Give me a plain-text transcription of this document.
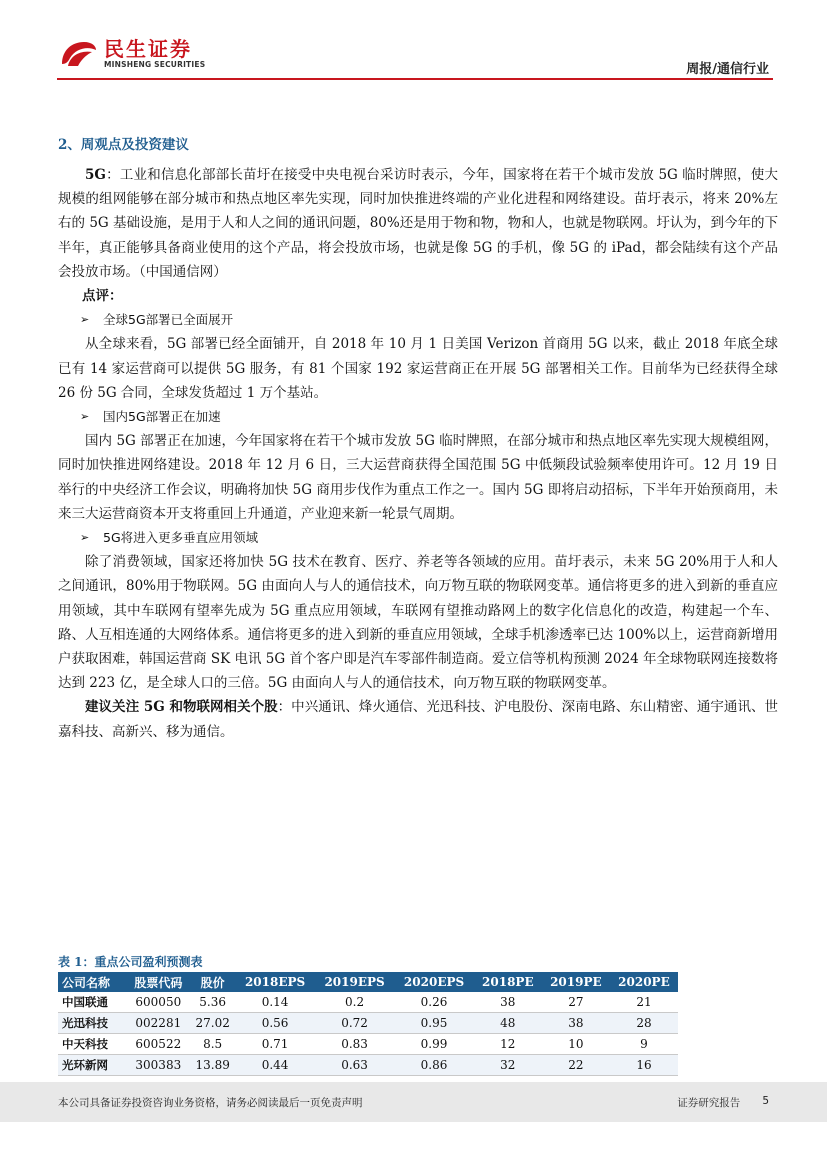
民生证券
MINSHENG SECURITIES	周报/通信行业
2、周观点及投资建议

5G：工业和信息化部部长苗圩在接受中央电视台采访时表示，今年，国家将在若干个城市发放 5G 临时牌照，使大规模的组网能够在部分城市和热点地区率先实现，同时加快推进终端的产业化进程和网络建设。苗圩表示，将来 20%左右的 5G 基础设施，是用于人和人之间的通讯问题，80%还是用于物和物，物和人，也就是物联网。圩认为，到今年的下半年，真正能够具备商业使用的这个产品，将会投放市场，也就是像 5G 的手机，像 5G 的 iPad，都会陆续有这个产品会投放市场。（中国通信网）

点评：
➢ 全球5G部署已全面展开

从全球来看，5G 部署已经全面铺开，自 2018 年 10 月 1 日美国 Verizon 首商用 5G 以来，截止 2018 年底全球已有 14 家运营商可以提供 5G 服务，有 81 个国家 192 家运营商正在开展 5G 部署相关工作。目前华为已经获得全球 26 份 5G 合同，全球发货超过 1 万个基站。

➢ 国内5G部署正在加速

国内 5G 部署正在加速，今年国家将在若干个城市发放 5G 临时牌照，在部分城市和热点地区率先实现大规模组网，同时加快推进网络建设。2018 年 12 月 6 日，三大运营商获得全国范围 5G 中低频段试验频率使用许可。12 月 19 日举行的中央经济工作会议，明确将加快 5G 商用步伐作为重点工作之一。国内 5G 即将启动招标，下半年开始预商用，未来三大运营商资本开支将重回上升通道，产业迎来新一轮景气周期。

➢ 5G将进入更多垂直应用领域

除了消费领域，国家还将加快 5G 技术在教育、医疗、养老等各领域的应用。苗圩表示，未来 5G 20%用于人和人之间通讯，80%用于物联网。5G 由面向人与人的通信技术，向万物互联的物联网变革。通信将更多的进入到新的垂直应用领域，其中车联网有望率先成为 5G 重点应用领域，车联网有望推动路网上的数字化信息化的改造，构建起一个车、路、人互相连通的大网络体系。通信将更多的进入到新的垂直应用领域，全球手机渗透率已达 100%以上，运营商新增用户获取困难，韩国运营商 SK 电讯 5G 首个客户即是汽车零部件制造商。爱立信等机构预测 2024 年全球物联网连接数将达到 223 亿，是全球人口的三倍。5G 由面向人与人的通信技术，向万物互联的物联网变革。

建议关注 5G 和物联网相关个股：中兴通讯、烽火通信、光迅科技、沪电股份、深南电路、东山精密、通宇通讯、世嘉科技、高新兴、移为通信。

表 1：重点公司盈利预测表
公司名称	股票代码	股价	2018EPS	2019EPS	2020EPS	2018PE	2019PE	2020PE
中国联通	600050	5.36	0.14	0.2	0.26	38	27	21
光迅科技	002281	27.02	0.56	0.72	0.95	48	38	28
中天科技	600522	8.5	0.71	0.83	0.99	12	10	9
光环新网	300383	13.89	0.44	0.63	0.86	32	22	16
本公司具备证券投资咨询业务资格，请务必阅读最后一页免责声明	证券研究报告 5
